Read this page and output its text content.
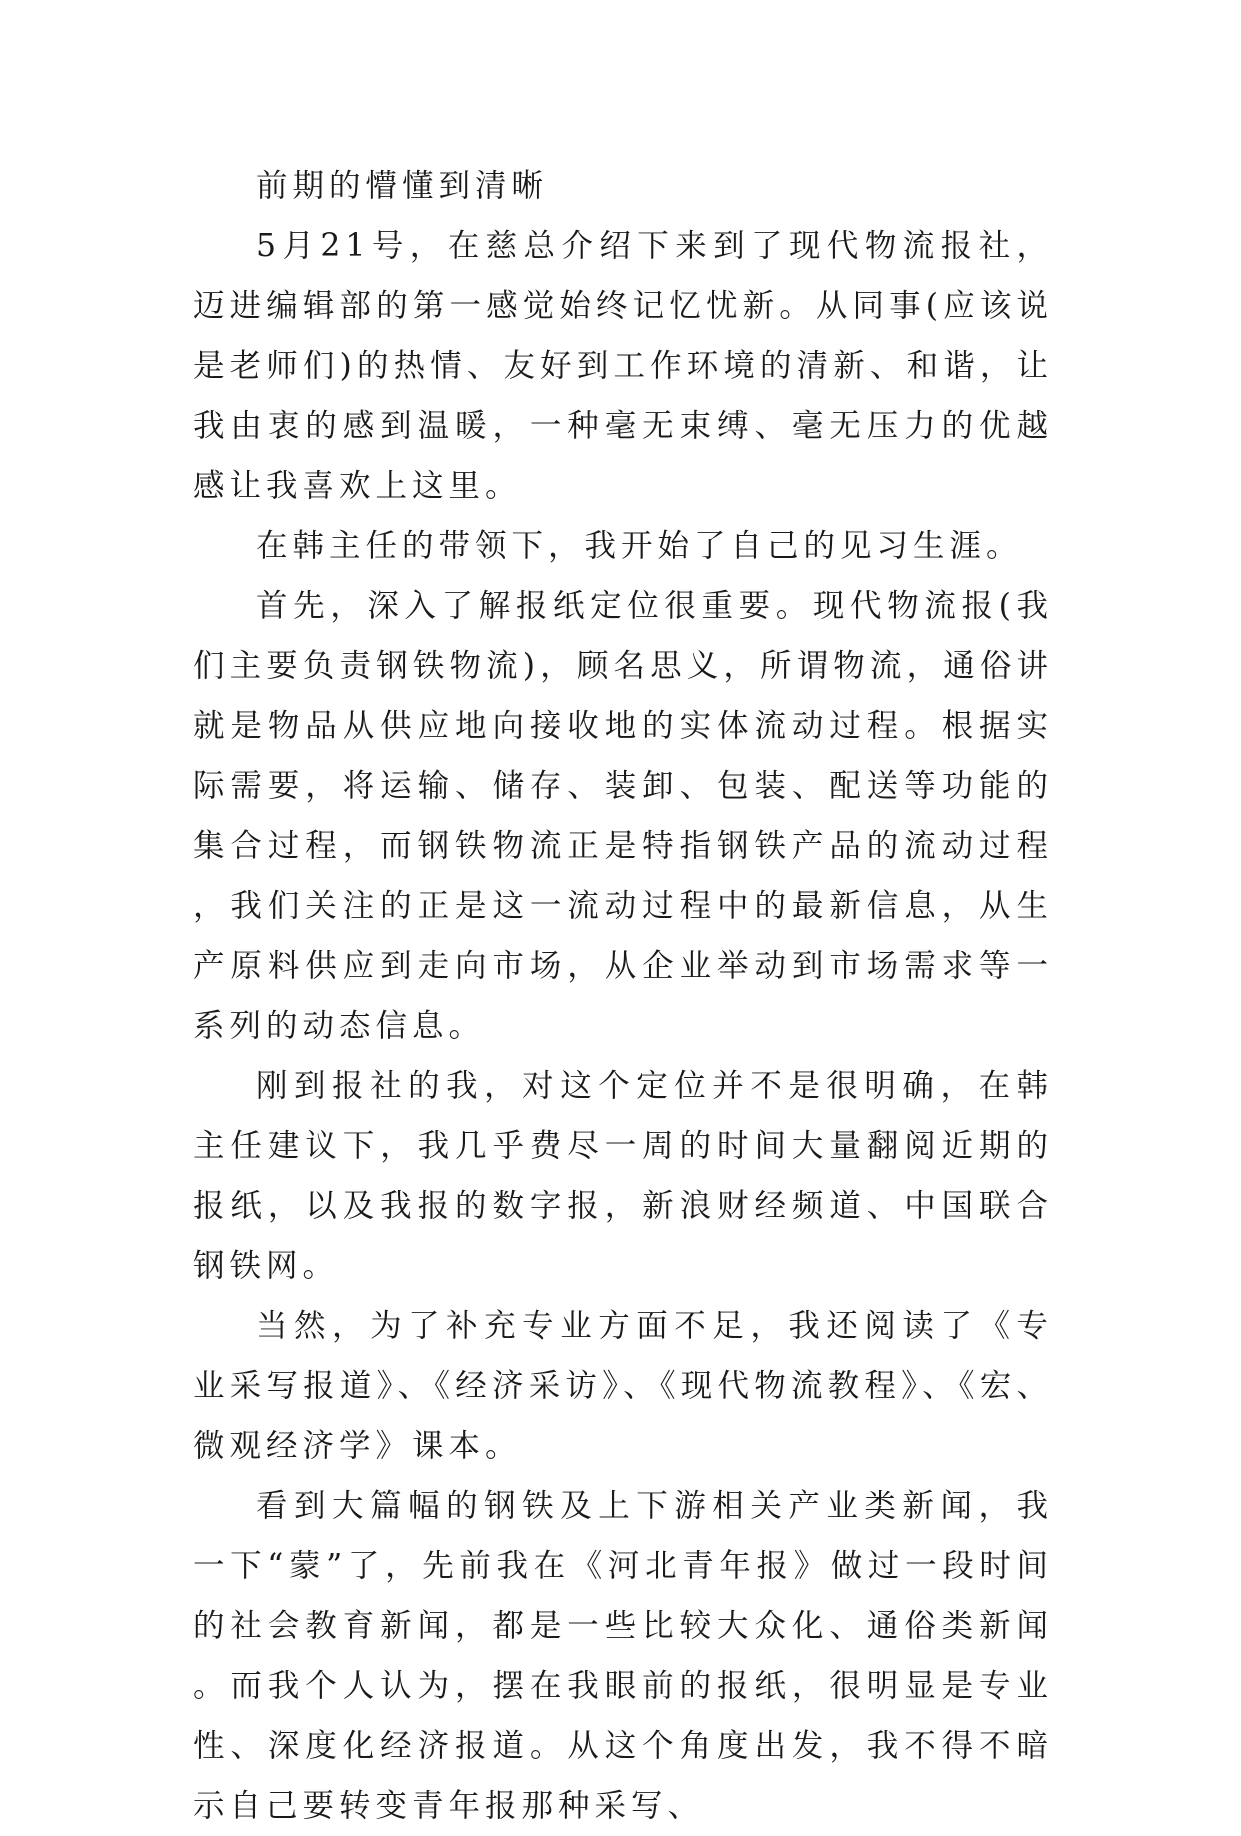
前期的懵懂到清晰

5月21号，在慈总介绍下来到了现代物流报社，迈进编辑部的第一感觉始终记忆忧新。从同事(应该说是老师们)的热情、友好到工作环境的清新、和谐，让我由衷的感到温暖，一种毫无束缚、毫无压力的优越感让我喜欢上这里。

在韩主任的带领下，我开始了自己的见习生涯。

首先，深入了解报纸定位很重要。现代物流报(我们主要负责钢铁物流)，顾名思义，所谓物流，通俗讲就是物品从供应地向接收地的实体流动过程。根据实际需要，将运输、储存、装卸、包装、配送等功能的集合过程，而钢铁物流正是特指钢铁产品的流动过程，我们关注的正是这一流动过程中的最新信息，从生产原料供应到走向市场，从企业举动到市场需求等一系列的动态信息。

刚到报社的我，对这个定位并不是很明确，在韩主任建议下，我几乎费尽一周的时间大量翻阅近期的报纸，以及我报的数字报，新浪财经频道、中国联合钢铁网。

当然，为了补充专业方面不足，我还阅读了《专业采写报道》、《经济采访》、《现代物流教程》、《宏、微观经济学》课本。

看到大篇幅的钢铁及上下游相关产业类新闻，我一下“蒙”了，先前我在《河北青年报》做过一段时间的社会教育新闻，都是一些比较大众化、通俗类新闻。而我个人认为，摆在我眼前的报纸，很明显是专业性、深度化经济报道。从这个角度出发，我不得不暗示自己要转变青年报那种采写、
